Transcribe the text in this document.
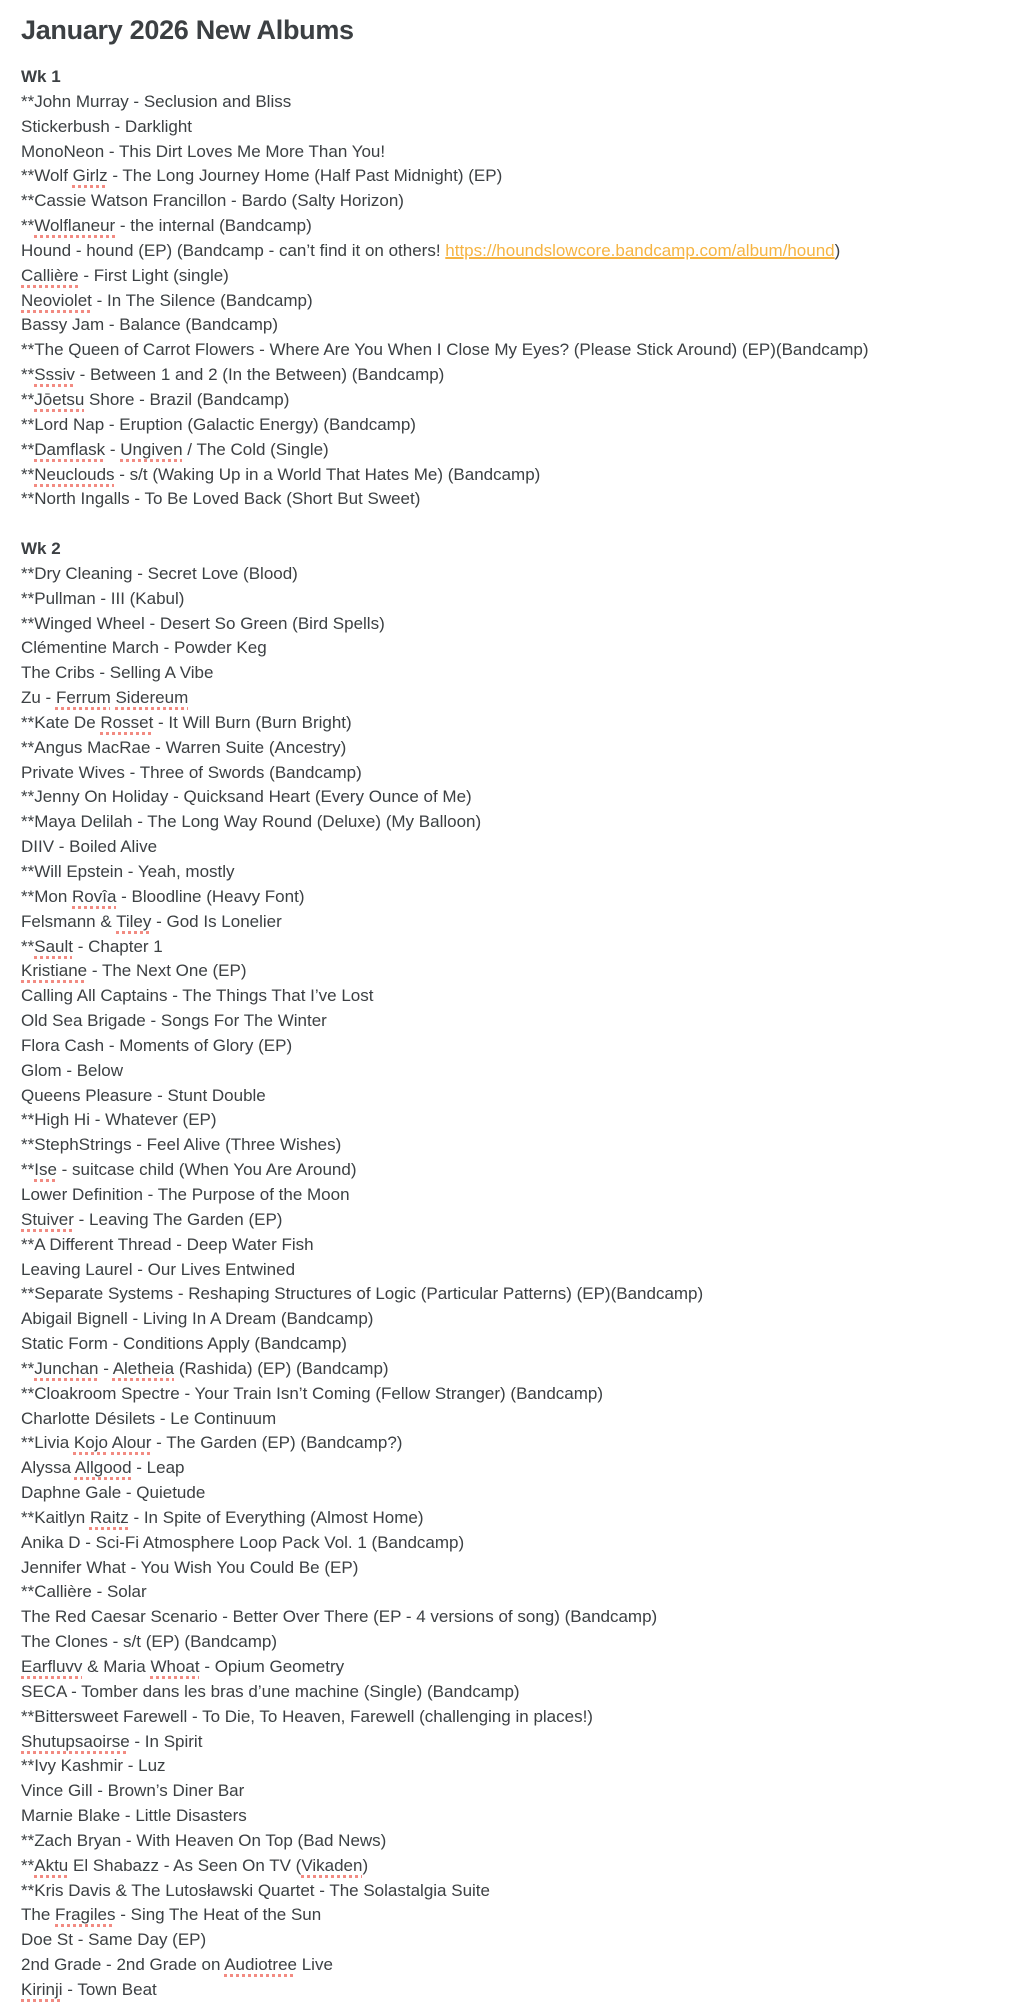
January 2026 New Albums
Wk 1
**John Murray - Seclusion and Bliss
Stickerbush - Darklight
MonoNeon - This Dirt Loves Me More Than You!
**Wolf Girlz - The Long Journey Home (Half Past Midnight) (EP)
**Cassie Watson Francillon - Bardo (Salty Horizon)
**Wolflaneur - the internal (Bandcamp)
Hound - hound (EP) (Bandcamp - can’t find it on others! https://houndslowcore.bandcamp.com/album/hound)
Callière - First Light (single)
Neoviolet - In The Silence (Bandcamp)
Bassy Jam - Balance (Bandcamp)
**The Queen of Carrot Flowers - Where Are You When I Close My Eyes? (Please Stick Around) (EP)(Bandcamp)
**Sssiv - Between 1 and 2 (In the Between) (Bandcamp)
**Jōetsu Shore - Brazil (Bandcamp)
**Lord Nap - Eruption (Galactic Energy) (Bandcamp)
**Damflask - Ungiven / The Cold (Single)
**Neuclouds - s/t (Waking Up in a World That Hates Me) (Bandcamp)
**North Ingalls - To Be Loved Back (Short But Sweet)
Wk 2
**Dry Cleaning - Secret Love (Blood)
**Pullman - III (Kabul)
**Winged Wheel - Desert So Green (Bird Spells)
Clémentine March - Powder Keg
The Cribs - Selling A Vibe
Zu - Ferrum Sidereum
**Kate De Rosset - It Will Burn (Burn Bright)
**Angus MacRae - Warren Suite (Ancestry)
Private Wives - Three of Swords (Bandcamp)
**Jenny On Holiday - Quicksand Heart (Every Ounce of Me)
**Maya Delilah - The Long Way Round (Deluxe) (My Balloon)
DIIV - Boiled Alive
**Will Epstein - Yeah, mostly
**Mon Rovîa - Bloodline (Heavy Font)
Felsmann & Tiley - God Is Lonelier
**Sault - Chapter 1
Kristiane - The Next One (EP)
Calling All Captains - The Things That I’ve Lost
Old Sea Brigade - Songs For The Winter
Flora Cash - Moments of Glory (EP)
Glom - Below
Queens Pleasure - Stunt Double
**High Hi - Whatever (EP)
**StephStrings - Feel Alive (Three Wishes)
**Ise - suitcase child (When You Are Around)
Lower Definition - The Purpose of the Moon
Stuiver - Leaving The Garden (EP)
**A Different Thread - Deep Water Fish
Leaving Laurel - Our Lives Entwined
**Separate Systems - Reshaping Structures of Logic (Particular Patterns) (EP)(Bandcamp)
Abigail Bignell - Living In A Dream (Bandcamp)
Static Form - Conditions Apply (Bandcamp)
**Junchan - Aletheia (Rashida) (EP) (Bandcamp)
**Cloakroom Spectre - Your Train Isn’t Coming (Fellow Stranger) (Bandcamp)
Charlotte Désilets - Le Continuum
**Livia Kojo Alour - The Garden (EP) (Bandcamp?)
Alyssa Allgood - Leap
Daphne Gale - Quietude
**Kaitlyn Raitz - In Spite of Everything (Almost Home)
Anika D - Sci-Fi Atmosphere Loop Pack Vol. 1 (Bandcamp)
Jennifer What - You Wish You Could Be (EP)
**Callière - Solar
The Red Caesar Scenario - Better Over There (EP - 4 versions of song) (Bandcamp)
The Clones - s/t (EP) (Bandcamp)
Earfluvv & Maria Whoat - Opium Geometry
SECA - Tomber dans les bras d’une machine (Single) (Bandcamp)
**Bittersweet Farewell - To Die, To Heaven, Farewell (challenging in places!)
Shutupsaoirse - In Spirit
**Ivy Kashmir - Luz
Vince Gill - Brown’s Diner Bar
Marnie Blake - Little Disasters
**Zach Bryan - With Heaven On Top (Bad News)
**Aktu El Shabazz - As Seen On TV (Vikaden)
**Kris Davis & The Lutosławski Quartet - The Solastalgia Suite
The Fragiles - Sing The Heat of the Sun
Doe St - Same Day (EP)
2nd Grade - 2nd Grade on Audiotree Live
Kirinji - Town Beat
